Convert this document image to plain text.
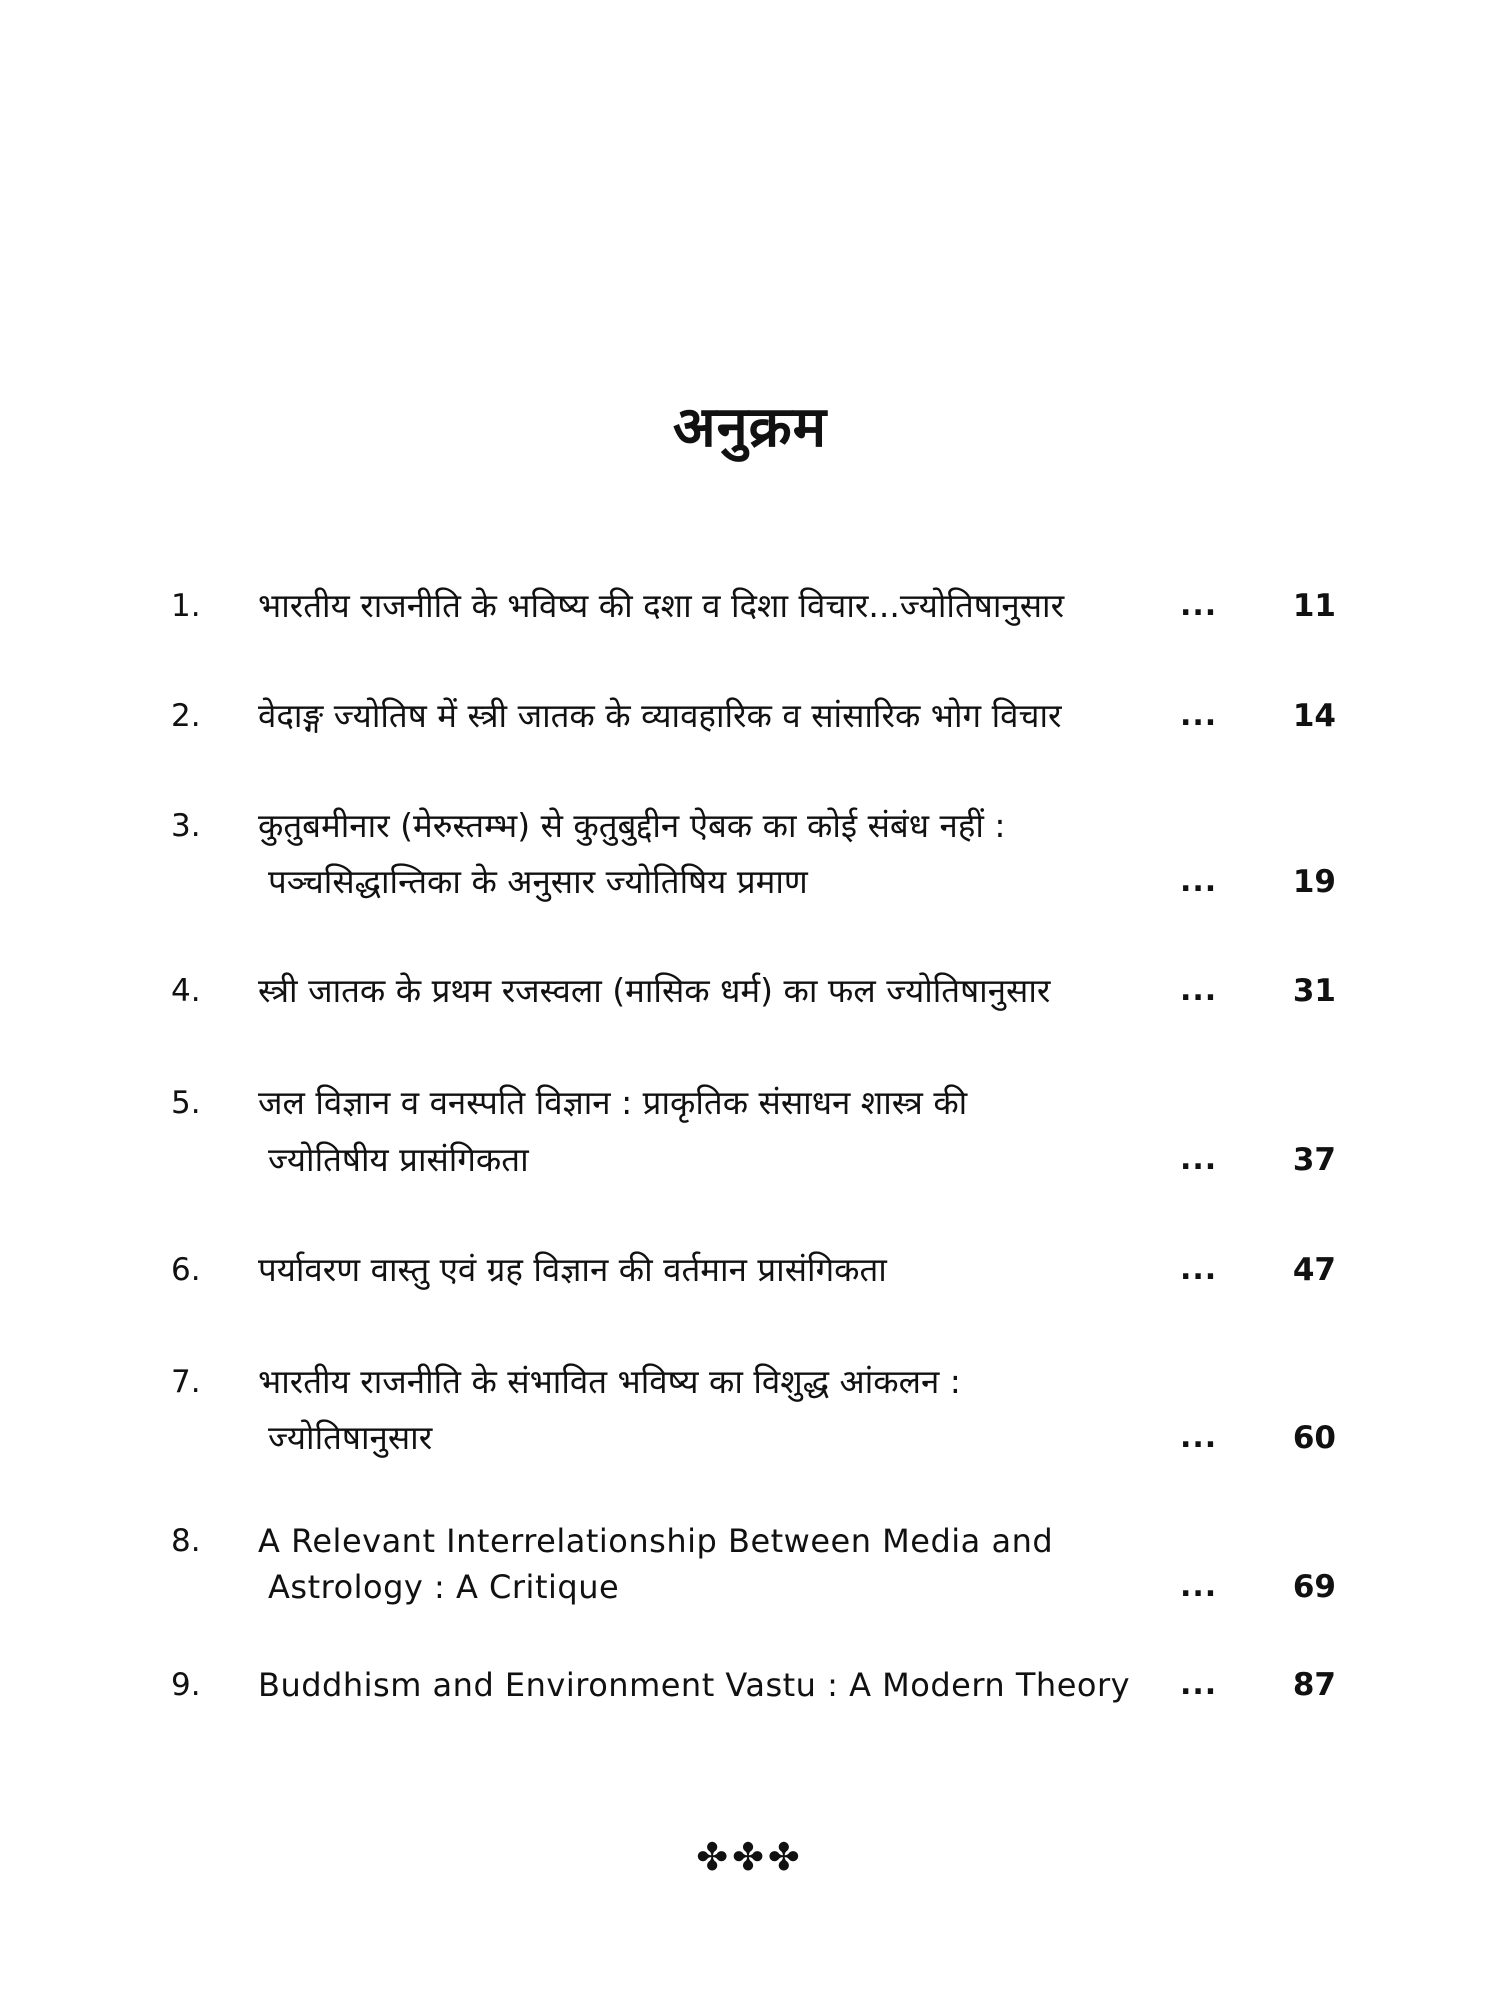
अनुक्रम
1. भारतीय राजनीति के भविष्य की दशा व दिशा विचार...ज्योतिषानुसार	...	11
2. वेदाङ्ग ज्योतिष में स्त्री जातक के व्यावहारिक व सांसारिक भोग विचार	...	14
3. कुतुबमीनार (मेरुस्तम्भ) से कुतुबुद्दीन ऐबक का कोई संबंध नहीं :
पञ्चसिद्धान्तिका के अनुसार ज्योतिषिय प्रमाण	...	19
4. स्त्री जातक के प्रथम रजस्वला (मासिक धर्म) का फल ज्योतिषानुसार	...	31
5. जल विज्ञान व वनस्पति विज्ञान : प्राकृतिक संसाधन शास्त्र की
ज्योतिषीय प्रासंगिकता	...	37
6. पर्यावरण वास्तु एवं ग्रह विज्ञान की वर्तमान प्रासंगिकता	...	47
7. भारतीय राजनीति के संभावित भविष्य का विशुद्ध आंकलन :
ज्योतिषानुसार	...	60
8. A Relevant Interrelationship Between Media and
Astrology : A Critique	...	69
9. Buddhism and Environment Vastu : A Modern Theory ...	87
✤✤✤
